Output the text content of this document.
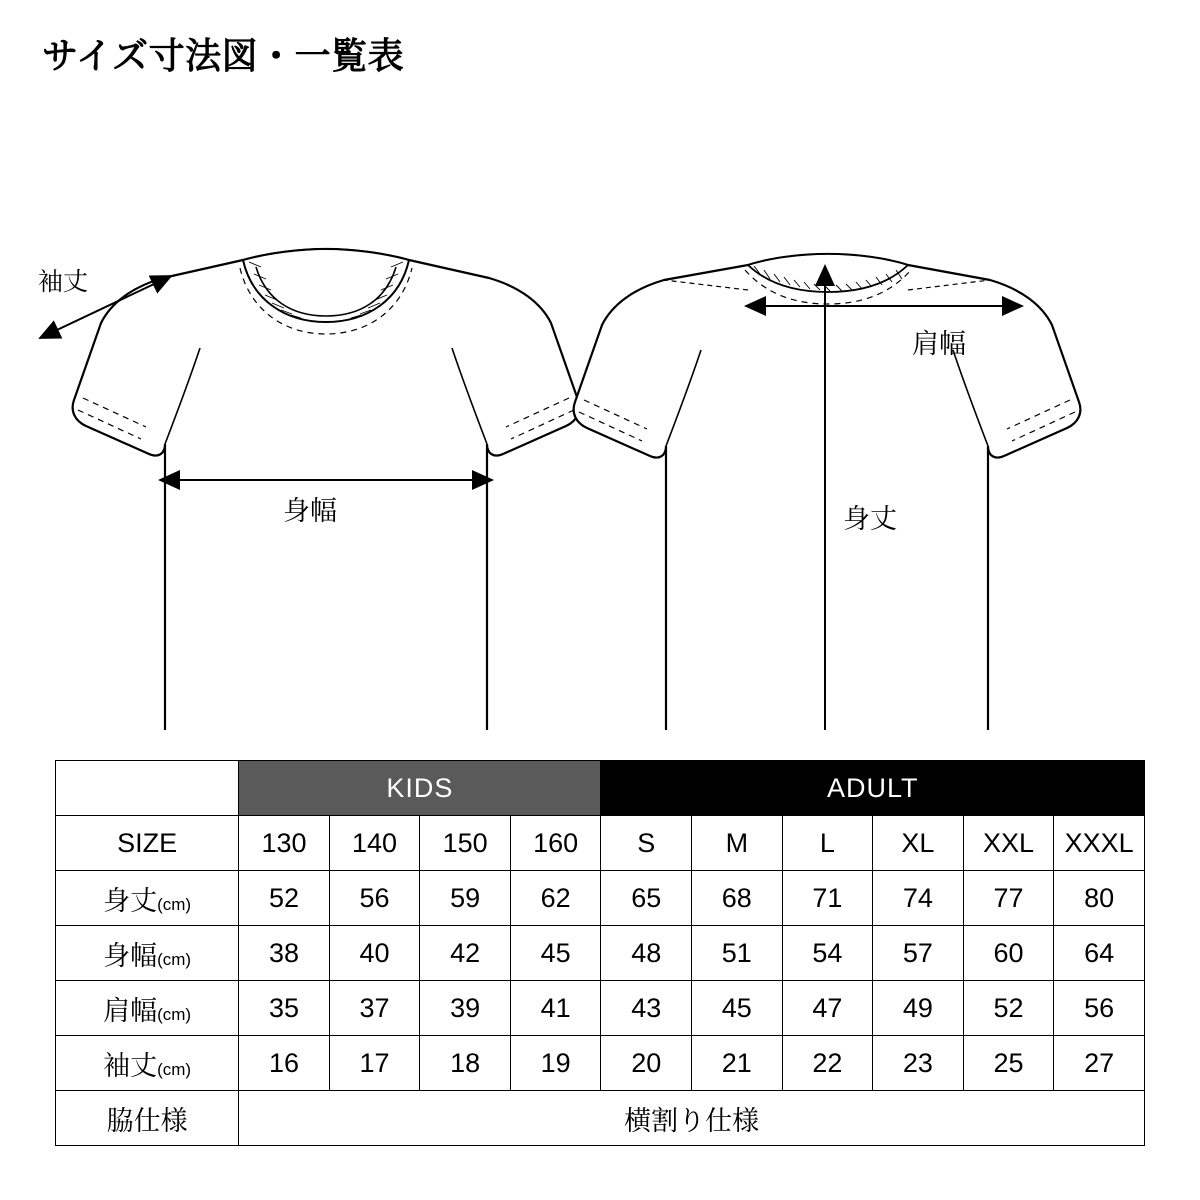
サイズ寸法図・一覧表
袖丈
身幅
肩幅
身丈
	KIDS				ADULT					
SIZE	130	140	150	160	S	M	L	XL	XXL	XXXL
身丈(cm)	52	56	59	62	65	68	71	74	77	80
身幅(cm)	38	40	42	45	48	51	54	57	60	64
肩幅(cm)	35	37	39	41	43	45	47	49	52	56
袖丈(cm)	16	17	18	19	20	21	22	23	25	27
脇仕様	横割り仕様									
